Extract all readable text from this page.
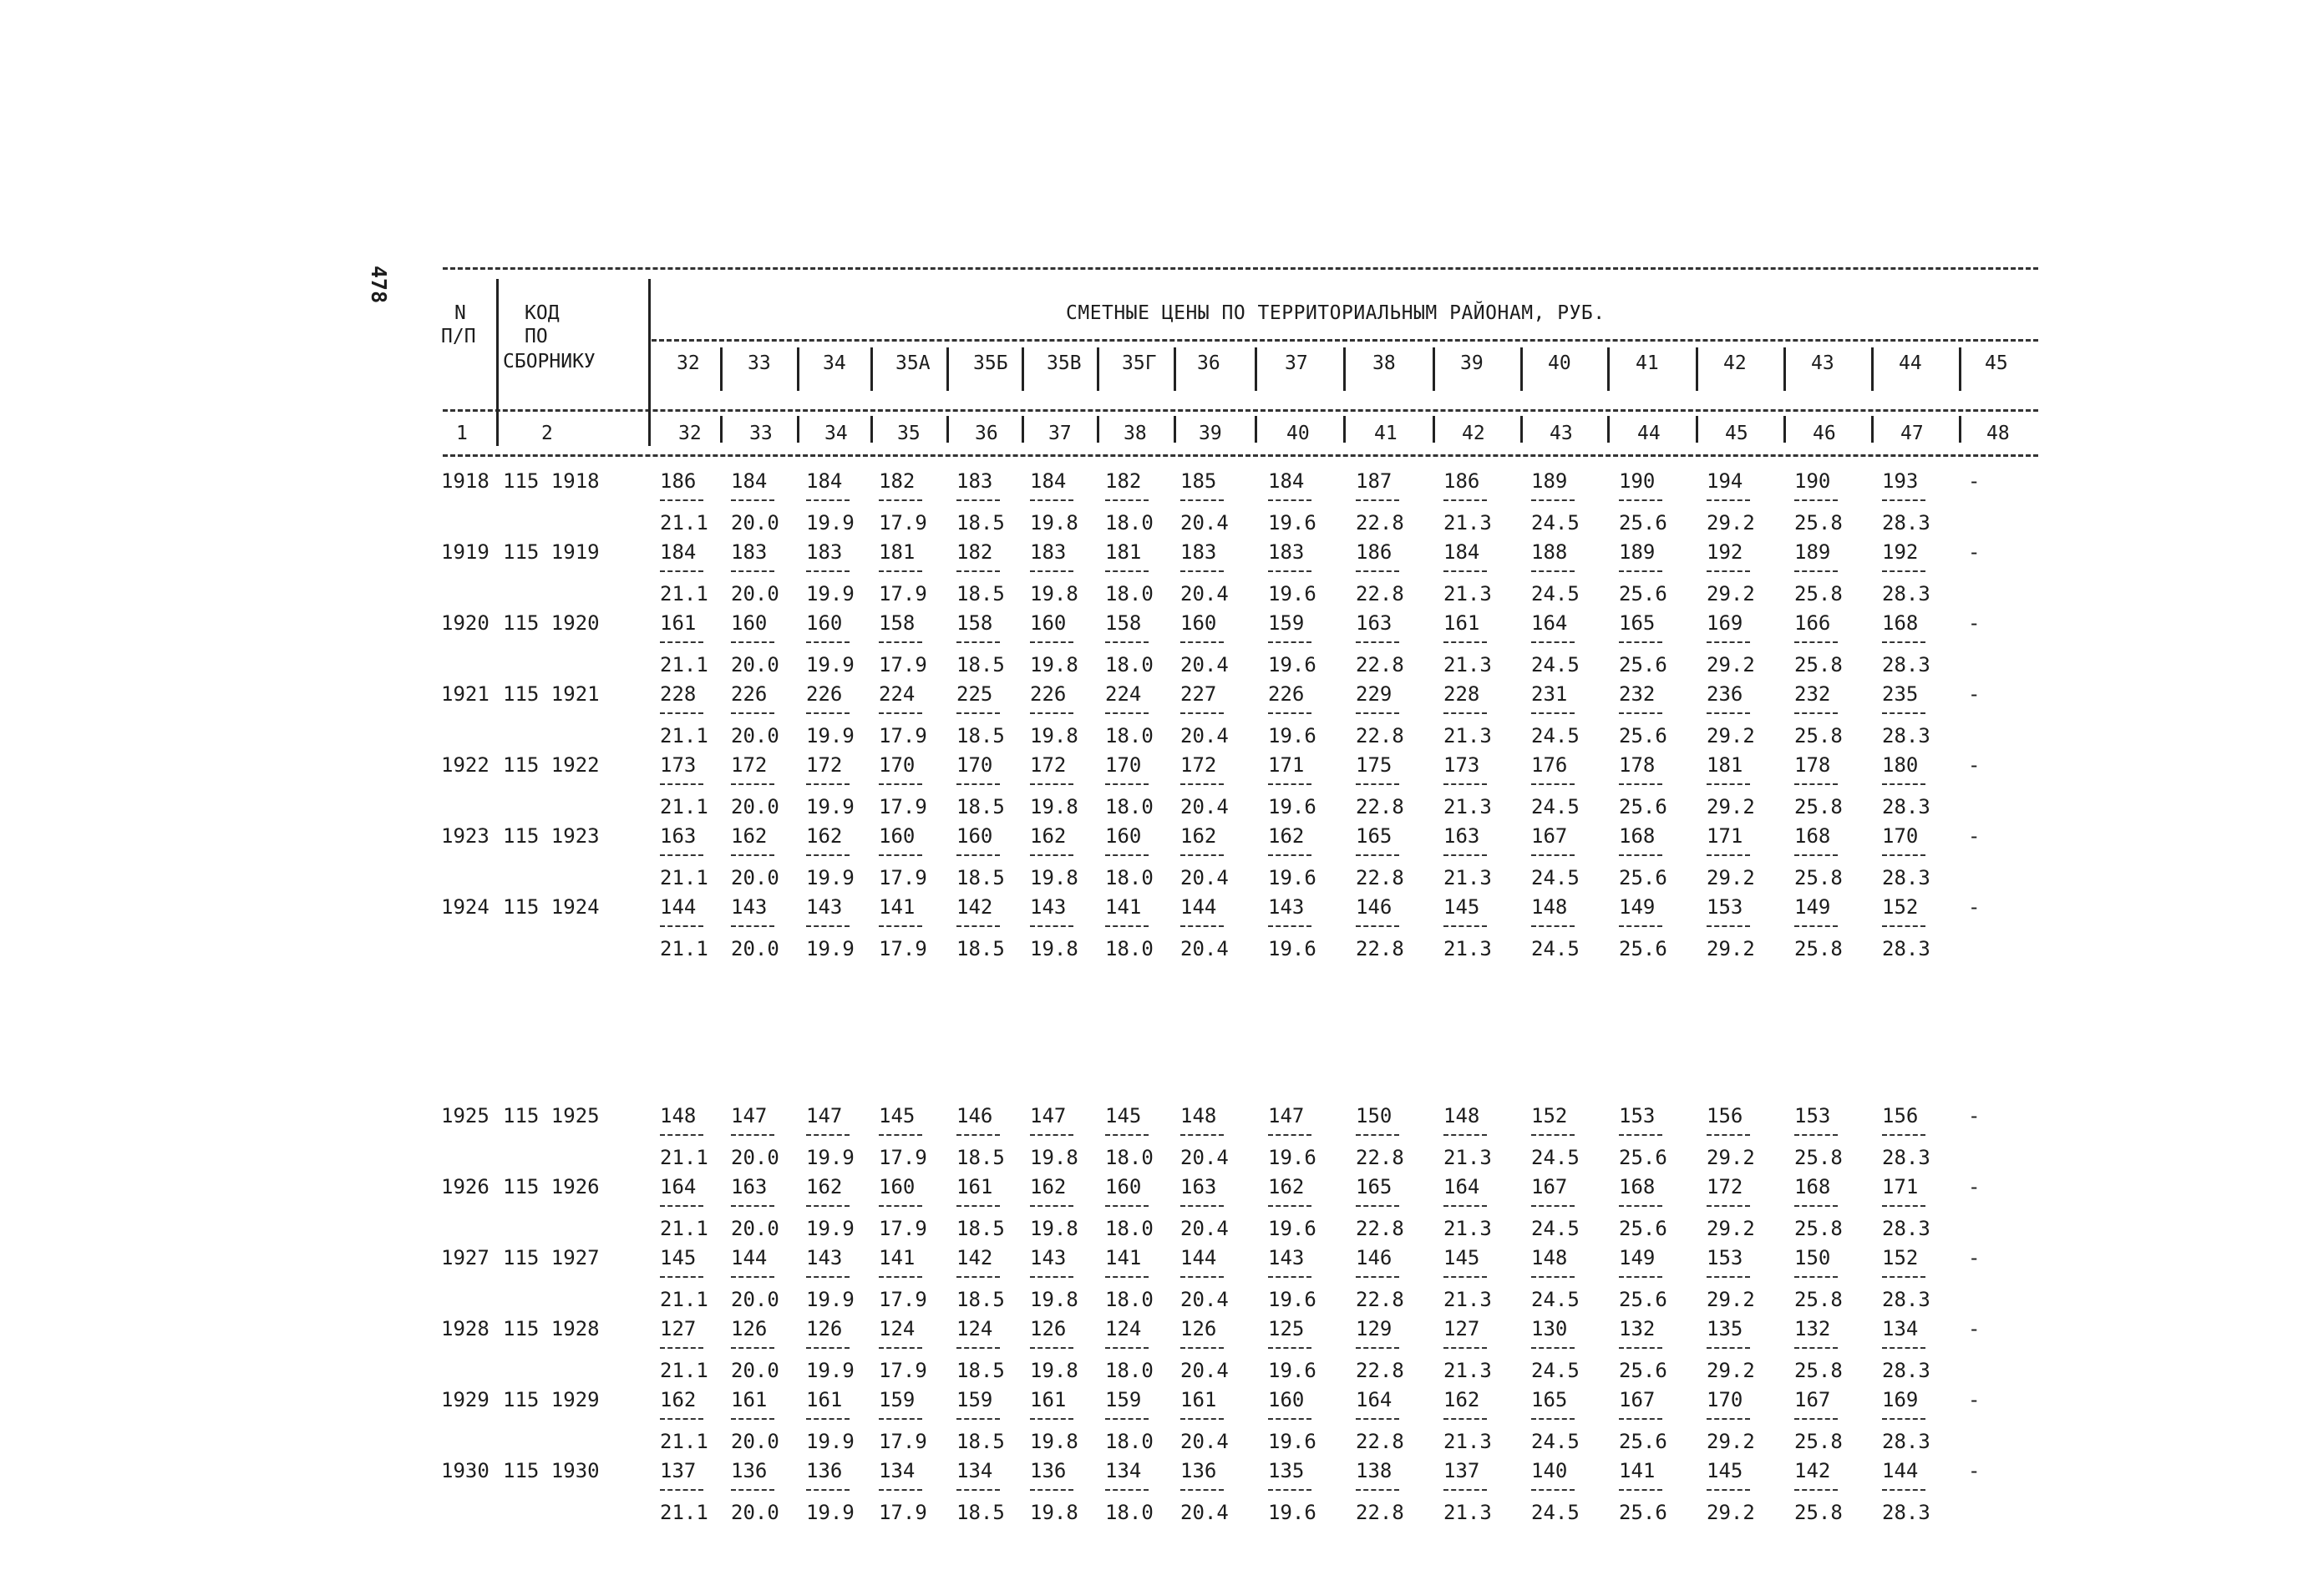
478
N
П/П
КОД
ПО
СБОРНИКУ
СМЕТНЫЕ ЦЕНЫ ПО ТЕРРИТОРИАЛЬНЫМ РАЙОНАМ, РУБ.
32 33	34	35А 35Б 35В 35Г 36	37	38	39	40	41	42	43	44	45
1	2	32 33	34	35	36	37	38	39	40	41	42	43	44	45	46	47	48
1918 115 1918	186 184 184 182 183 184 182 185	184	187	186	189	190	194	190	193 -
21.1 20.0 19.9 17.9 18.5 19.8 18.0 20.4 19.6 22.8 21.3 24.5 25.6 29.2 25.8 28.3
1919 115 1919	184 183 183 181 182 183 181 183	183	186	184	188	189	192	189	192 -
21.1 20.0 19.9 17.9 18.5 19.8 18.0 20.4 19.6 22.8 21.3 24.5 25.6 29.2 25.8 28.3
1920 115 1920	161 160 160 158 158 160 158 160	159	163	161	164	165	169	166	168 -
21.1 20.0 19.9 17.9 18.5 19.8 18.0 20.4 19.6 22.8 21.3 24.5 25.6 29.2 25.8 28.3
1921 115 1921	228 226 226 224 225 226 224 227	226	229	228	231	232	236	232	235 -
21.1 20.0 19.9 17.9 18.5 19.8 18.0 20.4 19.6 22.8 21.3 24.5 25.6 29.2 25.8 28.3
1922 115 1922	173 172 172 170 170 172 170 172	171	175	173	176	178	181	178	180 -
21.1 20.0 19.9 17.9 18.5 19.8 18.0 20.4 19.6 22.8 21.3 24.5 25.6 29.2 25.8 28.3
1923 115 1923	163 162 162 160 160 162 160 162	162	165	163	167	168	171	168	170 -
21.1 20.0 19.9 17.9 18.5 19.8 18.0 20.4 19.6 22.8 21.3 24.5 25.6 29.2 25.8 28.3
1924 115 1924	144 143 143 141 142 143 141 144	143	146	145	148	149	153	149	152 -
21.1 20.0 19.9 17.9 18.5 19.8 18.0 20.4 19.6 22.8 21.3 24.5 25.6 29.2 25.8 28.3
1925 115 1925	148 147 147 145 146 147 145 148	147	150	148	152	153	156	153	156 -
21.1 20.0 19.9 17.9 18.5 19.8 18.0 20.4 19.6 22.8 21.3 24.5 25.6 29.2 25.8 28.3
1926 115 1926	164 163 162 160 161 162 160 163	162	165	164	167	168	172	168	171 -
21.1 20.0 19.9 17.9 18.5 19.8 18.0 20.4 19.6 22.8 21.3 24.5 25.6 29.2 25.8 28.3
1927 115 1927	145 144 143 141 142 143 141 144	143	146	145	148	149	153	150	152 -
21.1 20.0 19.9 17.9 18.5 19.8 18.0 20.4 19.6 22.8 21.3 24.5 25.6 29.2 25.8 28.3
1928 115 1928	127 126 126 124 124 126 124 126	125	129	127	130	132	135	132	134 -
21.1 20.0 19.9 17.9 18.5 19.8 18.0 20.4 19.6 22.8 21.3 24.5 25.6 29.2 25.8 28.3
1929 115 1929	162 161 161 159 159 161 159 161	160	164	162	165	167	170	167	169 -
21.1 20.0 19.9 17.9 18.5 19.8 18.0 20.4 19.6 22.8 21.3 24.5 25.6 29.2 25.8 28.3
1930 115 1930	137 136 136 134 134 136 134 136	135	138	137	140	141	145	142	144 -
21.1 20.0 19.9 17.9 18.5 19.8 18.0 20.4 19.6 22.8 21.3 24.5 25.6 29.2 25.8 28.3
